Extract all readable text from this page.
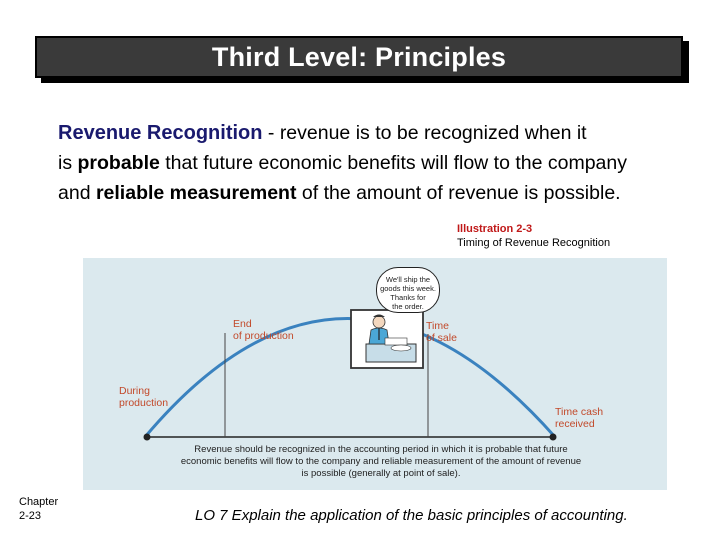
Third Level: Principles
Revenue Recognition - revenue is to be recognized when it
is probable that future economic benefits will flow to the company
and reliable measurement of the amount of revenue is possible.
Illustration 2-3
Timing of Revenue Recognition
We'll ship the
goods this week.
Thanks for
the order.
During
production
End
of production
Time
of sale
Time cash
received
Revenue should be recognized in the accounting period in which it is probable that future
economic benefits will flow to the company and reliable measurement of the amount of revenue
is possible (generally at point of sale).
Chapter
2-23	LO 7 Explain the application of the basic principles of accounting.
